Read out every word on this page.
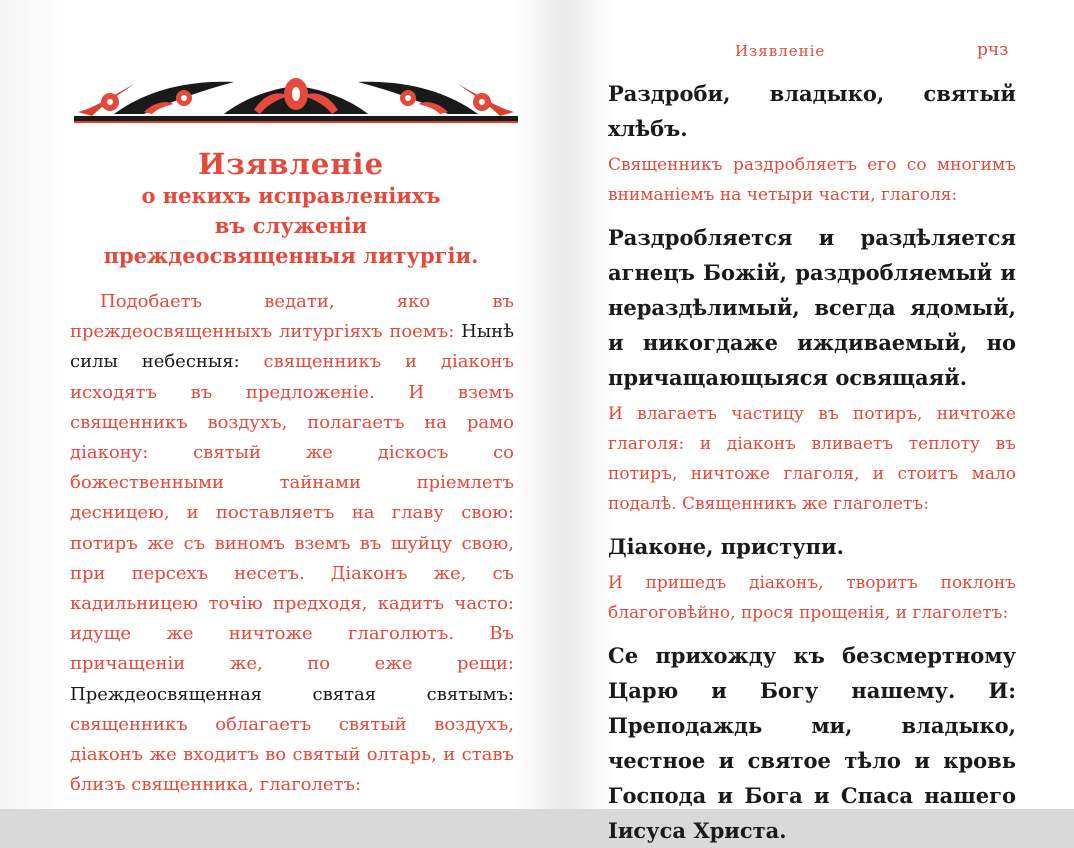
Изявленіе
о некихъ исправленіихъ
въ служеніи
преждеосвященныя литургіи.

Подобаетъ ведати, яко въ преждеосвященныхъ литургіяхъ поемъ: Нынѣ силы небесныя: священникъ и діаконъ исходятъ въ предложеніе. И вземъ священникъ воздухъ, полагаетъ на рамо діакону: святый же діскосъ со божественными тайнами пріемлетъ десницею, и поставляетъ на главу свою: потиръ же съ виномъ вземъ въ шуйцу свою, при персехъ несетъ. Діаконъ же, съ кадильницею точію предходя, кадитъ часто: идуще же ничтоже глаголютъ. Въ причащеніи же, по еже рещи: Преждеосвященная святая святымъ: священникъ облагаетъ святый воздухъ, діаконъ же входитъ во святый олтарь, и ставъ близъ священника, глаголетъ:

Изявленіе	рчз

Раздроби, владыко, святый хлѣбъ.

Священникъ раздробляетъ его со многимъ вниманіемъ на четыри части, глаголя:

Раздробляется и раздѣляется агнецъ Божій, раздробляемый и нераздѣлимый, всегда ядомый, и никогдаже иждиваемый, но причащающыяся освящаяй.

И влагаетъ частицу въ потиръ, ничтоже глаголя: и діаконъ вливаетъ теплоту въ потиръ, ничтоже глаголя, и стоитъ мало подалѣ. Священникъ же глаголетъ:

Діаконе, приступи.

И пришедъ діаконъ, творитъ поклонъ благоговѣйно, прося прощенія, и глаголетъ:

Се прихожду къ безсмертному Царю и Богу нашему. И: Преподаждь ми, владыко, честное и святое тѣло и кровь Господа и Бога и Спаса нашего Іисуса Христа.
